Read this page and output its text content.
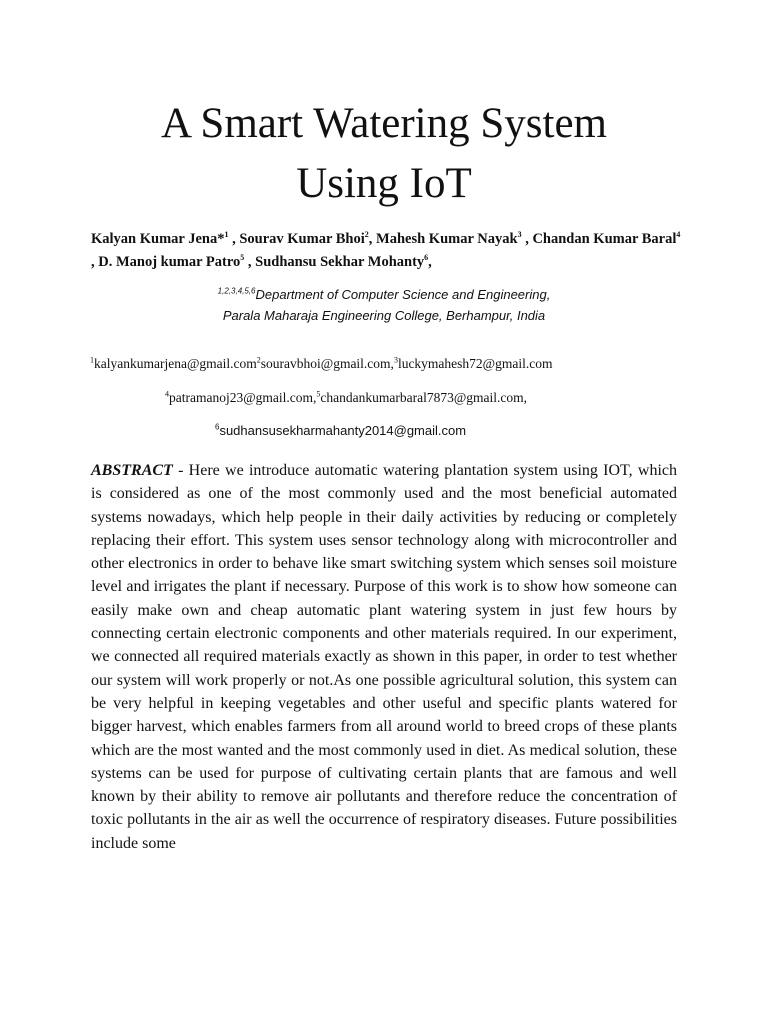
A Smart Watering System
Using IoT
Kalyan Kumar Jena*$^1$ , Sourav Kumar Bhoi$^2$, Mahesh Kumar Nayak$^3$ , Chandan Kumar Baral$^4$ , D. Manoj kumar Patro$^5$ , Sudhansu Sekhar Mohanty$^6$,
$^{1,2,3,4,5,6}$Department of Computer Science and Engineering,
Parala Maharaja Engineering College, Berhampur, India
$^1$kalyankumarjena@gmail.com$^2$souravbhoi@gmail.com,$^3$luckymahesh72@gmail.com
$^4$patramanoj23@gmail.com,$^5$chandankumarbaral7873@gmail.com,
$^6$sudhansusekharmahanty2014@gmail.com
ABSTRACT - Here we introduce automatic watering plantation system using IOT, which is considered as one of the most commonly used and the most beneficial automated systems nowadays, which help people in their daily activities by reducing or completely replacing their effort. This system uses sensor technology along with microcontroller and other electronics in order to behave like smart switching system which senses soil moisture level and irrigates the plant if necessary. Purpose of this work is to show how someone can easily make own and cheap automatic plant watering system in just few hours by connecting certain electronic components and other materials required. In our experiment, we connected all required materials exactly as shown in this paper, in order to test whether our system will work properly or not.As one possible agricultural solution, this system can be very helpful in keeping vegetables and other useful and specific plants watered for bigger harvest, which enables farmers from all around world to breed crops of these plants which are the most wanted and the most commonly used in diet. As medical solution, these systems can be used for purpose of cultivating certain plants that are famous and well known by their ability to remove air pollutants and therefore reduce the concentration of toxic pollutants in the air as well the occurrence of respiratory diseases. Future possibilities include some
